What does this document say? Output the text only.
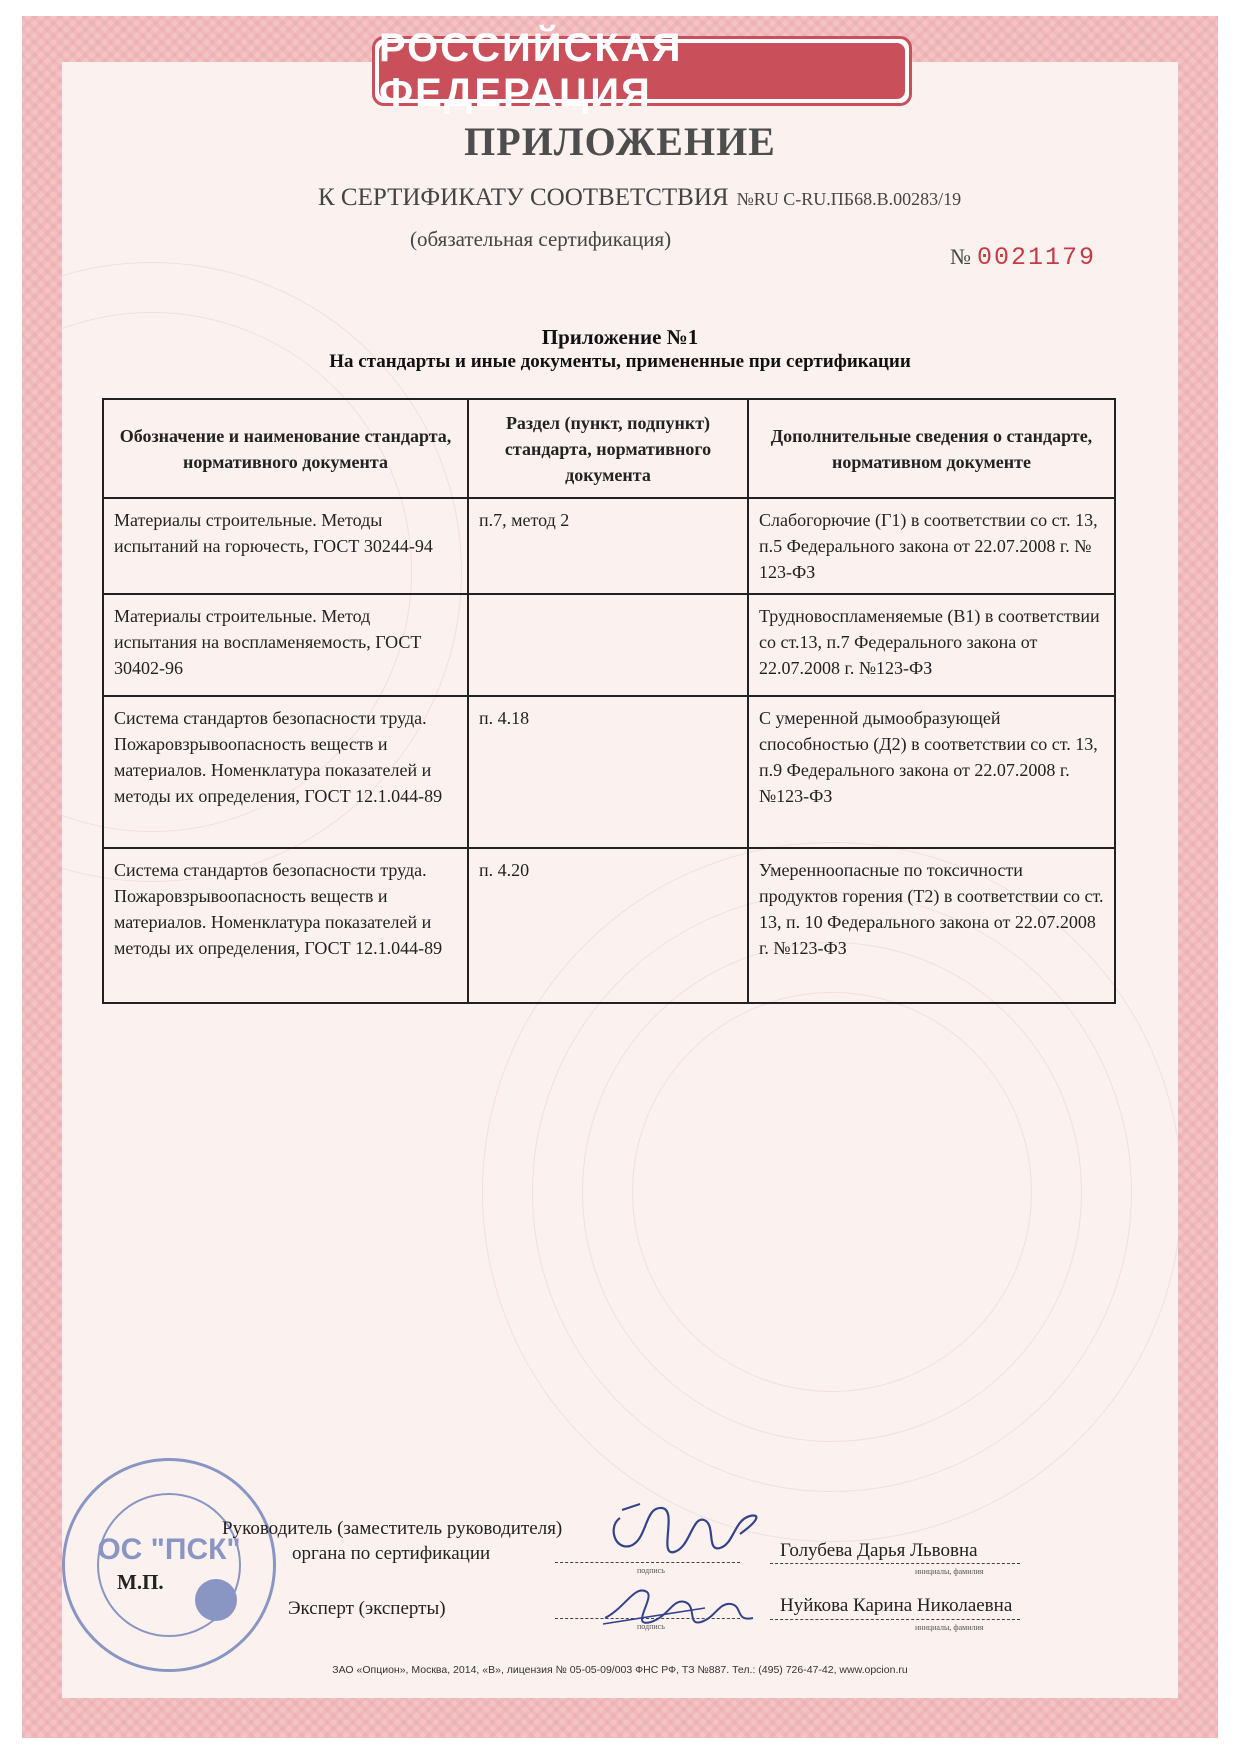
РОССИЙСКАЯ ФЕДЕРАЦИЯ
ПРИЛОЖЕНИЕ
К СЕРТИФИКАТУ СООТВЕТСТВИЯ №RU C-RU.ПБ68.В.00283/19
(обязательная сертификация)
№ 0021179
Приложение №1
На стандарты и иные документы, примененные при сертификации
Обозначение и наименование стандарта, нормативного документа	Раздел (пункт, подпункт) стандарта, нормативного документа	Дополнительные сведения о стандарте, нормативном документе
Материалы строительные. Методы испытаний на горючесть, ГОСТ 30244-94	п.7, метод 2	Слабогорючие (Г1) в соответствии со ст. 13, п.5 Федерального закона от 22.07.2008 г. № 123-ФЗ
Материалы строительные. Метод испытания на воспламеняемость, ГОСТ 30402-96		Трудновоспламеняемые (В1) в соответствии со ст.13, п.7 Федерального закона от 22.07.2008 г. №123-ФЗ
Система стандартов безопасности труда. Пожаровзрывоопасность веществ и материалов. Номенклатура показателей и методы их определения, ГОСТ 12.1.044-89	п. 4.18	С умеренной дымообразующей способностью (Д2) в соответствии со ст. 13, п.9 Федерального закона от 22.07.2008 г. №123-ФЗ
Система стандартов безопасности труда. Пожаровзрывоопасность веществ и материалов. Номенклатура показателей и методы их определения, ГОСТ 12.1.044-89	п. 4.20	Умеренноопасные по токсичности продуктов горения (Т2) в соответствии со ст. 13, п. 10 Федерального закона от 22.07.2008 г. №123-ФЗ
ОС "ПСК"
Руководитель (заместитель руководителя)
органа по сертификации
М.П.
Эксперт (эксперты)
подпись
Голубева Дарья Львовна
инициалы, фамилия
подпись
Нуйкова Карина Николаевна
инициалы, фамилия
ЗАО «Опцион», Москва, 2014, «В», лицензия № 05-05-09/003 ФНС РФ, ТЗ №887. Тел.: (495) 726-47-42, www.opcion.ru
